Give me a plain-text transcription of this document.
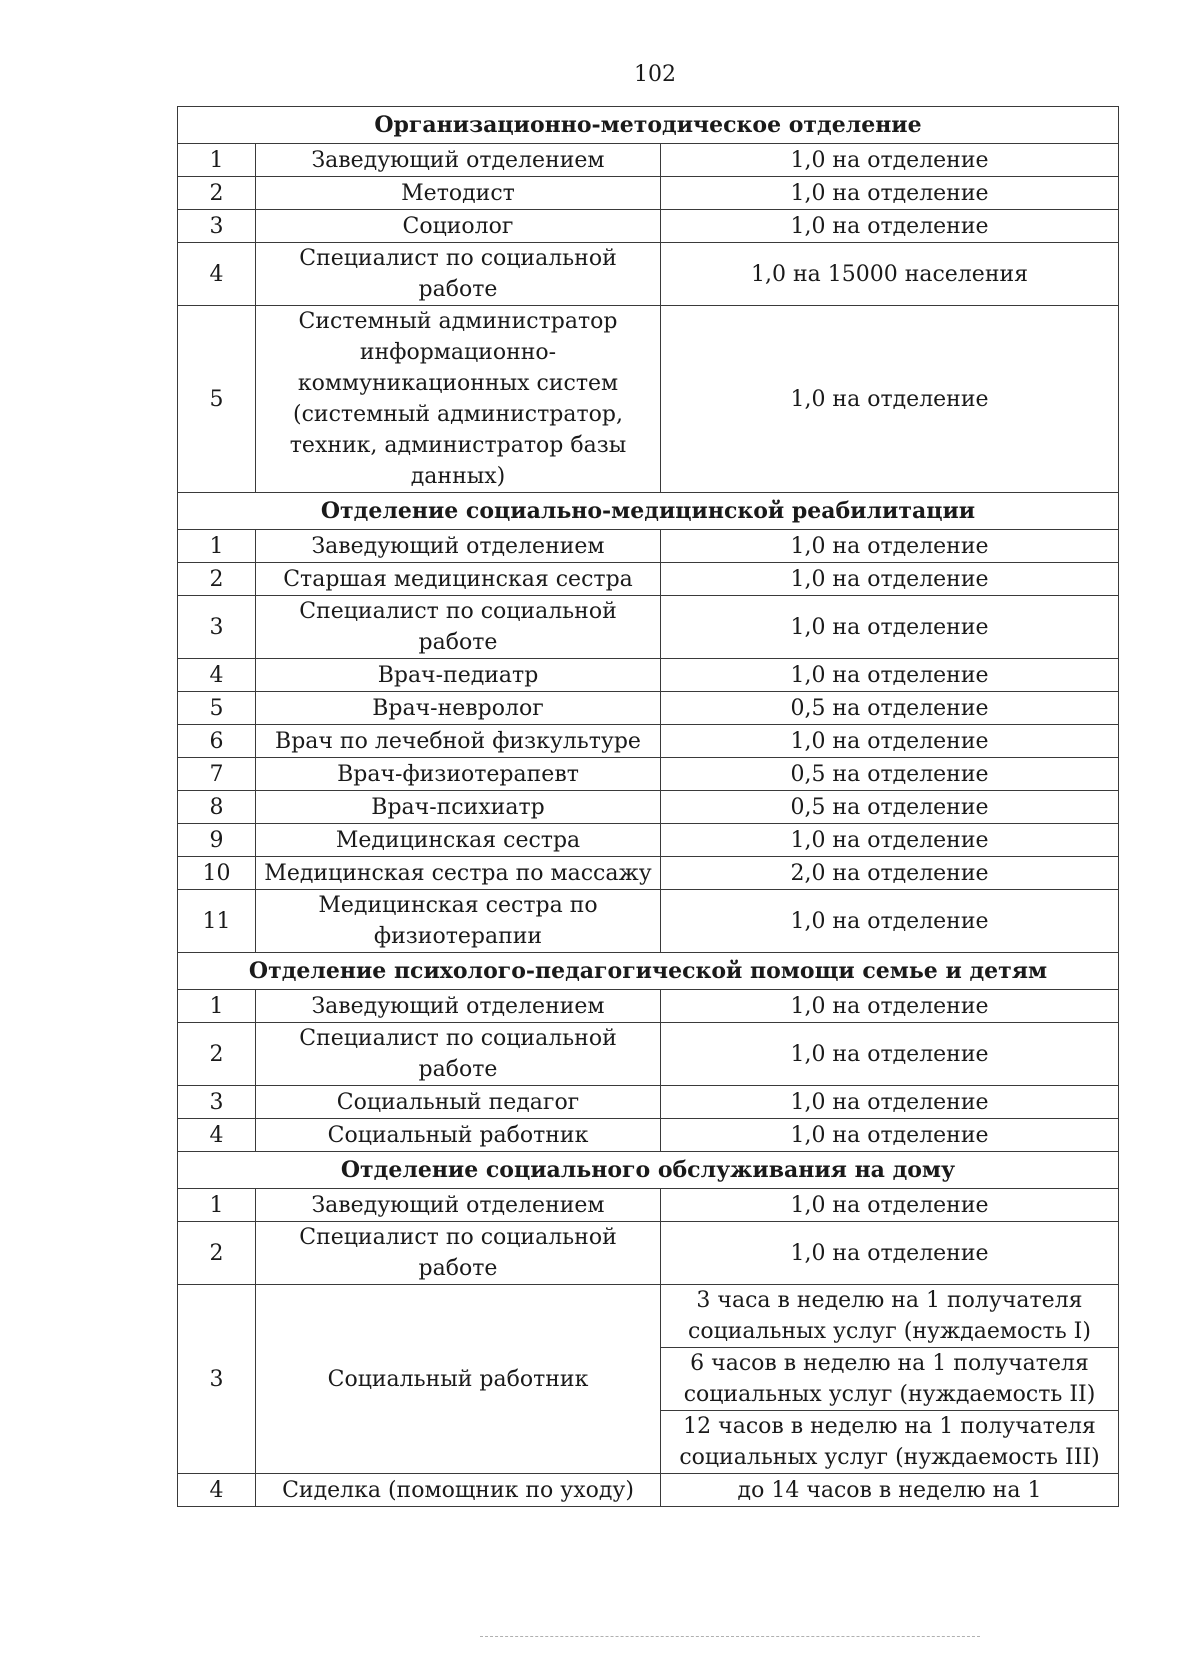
102
Организационно-методическое отделение		
1	Заведующий отделением	1,0 на отделение
2	Методист	1,0 на отделение
3	Социолог	1,0 на отделение
4	Специалист по социальной работе	1,0 на 15000 населения
5	Системный администратор информационно-коммуникационных систем (системный администратор, техник, администратор базы данных)	1,0 на отделение
Отделение социально-медицинской реабилитации		
1	Заведующий отделением	1,0 на отделение
2	Старшая медицинская сестра	1,0 на отделение
3	Специалист по социальной работе	1,0 на отделение
4	Врач-педиатр	1,0 на отделение
5	Врач-невролог	0,5 на отделение
6	Врач по лечебной физкультуре	1,0 на отделение
7	Врач-физиотерапевт	0,5 на отделение
8	Врач-психиатр	0,5 на отделение
9	Медицинская сестра	1,0 на отделение
10	Медицинская сестра по массажу	2,0 на отделение
11	Медицинская сестра по физиотерапии	1,0 на отделение
Отделение психолого-педагогической помощи семье и детям		
1	Заведующий отделением	1,0 на отделение
2	Специалист по социальной работе	1,0 на отделение
3	Социальный педагог	1,0 на отделение
4	Социальный работник	1,0 на отделение
Отделение социального обслуживания на дому		
1	Заведующий отделением	1,0 на отделение
2	Специалист по социальной работе	1,0 на отделение
3	Социальный работник	3 часа в неделю на 1 получателя социальных услуг (нуждаемость I)
		6 часов в неделю на 1 получателя социальных услуг (нуждаемость II)
		12 часов в неделю на 1 получателя социальных услуг (нуждаемость III)
4	Сиделка (помощник по уходу)	до 14 часов в неделю на 1
